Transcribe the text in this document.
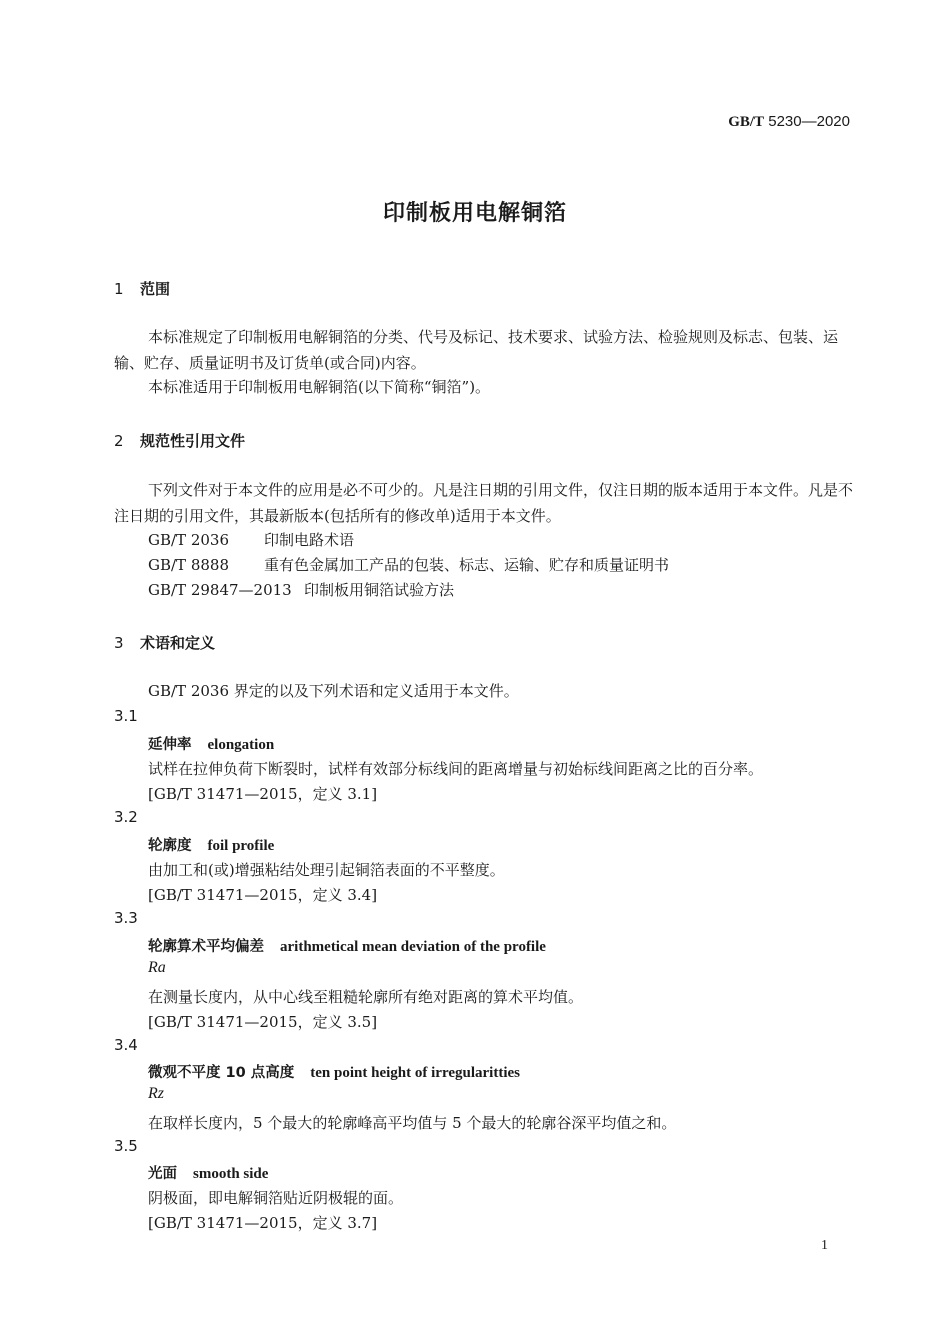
GB/T 5230—2020
印制板用电解铜箔
1 范围
本标准规定了印制板用电解铜箔的分类、代号及标记、技术要求、试验方法、检验规则及标志、包装、运输、贮存、质量证明书及订货单(或合同)内容。
本标准适用于印制板用电解铜箔(以下简称“铜箔”)。
2 规范性引用文件
下列文件对于本文件的应用是必不可少的。凡是注日期的引用文件，仅注日期的版本适用于本文件。凡是不注日期的引用文件，其最新版本(包括所有的修改单)适用于本文件。
GB/T 2036 印制电路术语
GB/T 8888 重有色金属加工产品的包装、标志、运输、贮存和质量证明书
GB/T 29847—2013 印制板用铜箔试验方法
3 术语和定义
GB/T 2036 界定的以及下列术语和定义适用于本文件。
3.1
延伸率 elongation
试样在拉伸负荷下断裂时，试样有效部分标线间的距离增量与初始标线间距离之比的百分率。
[GB/T 31471—2015，定义 3.1]
3.2
轮廓度 foil profile
由加工和(或)增强粘结处理引起铜箔表面的不平整度。
[GB/T 31471—2015，定义 3.4]
3.3
轮廓算术平均偏差 arithmetical mean deviation of the profile
Ra
在测量长度内，从中心线至粗糙轮廓所有绝对距离的算术平均值。
[GB/T 31471—2015，定义 3.5]
3.4
微观不平度 10 点高度 ten point height of irregularitties
Rz
在取样长度内，5 个最大的轮廓峰高平均值与 5 个最大的轮廓谷深平均值之和。
3.5
光面 smooth side
阴极面，即电解铜箔贴近阴极辊的面。
[GB/T 31471—2015，定义 3.7]
1
